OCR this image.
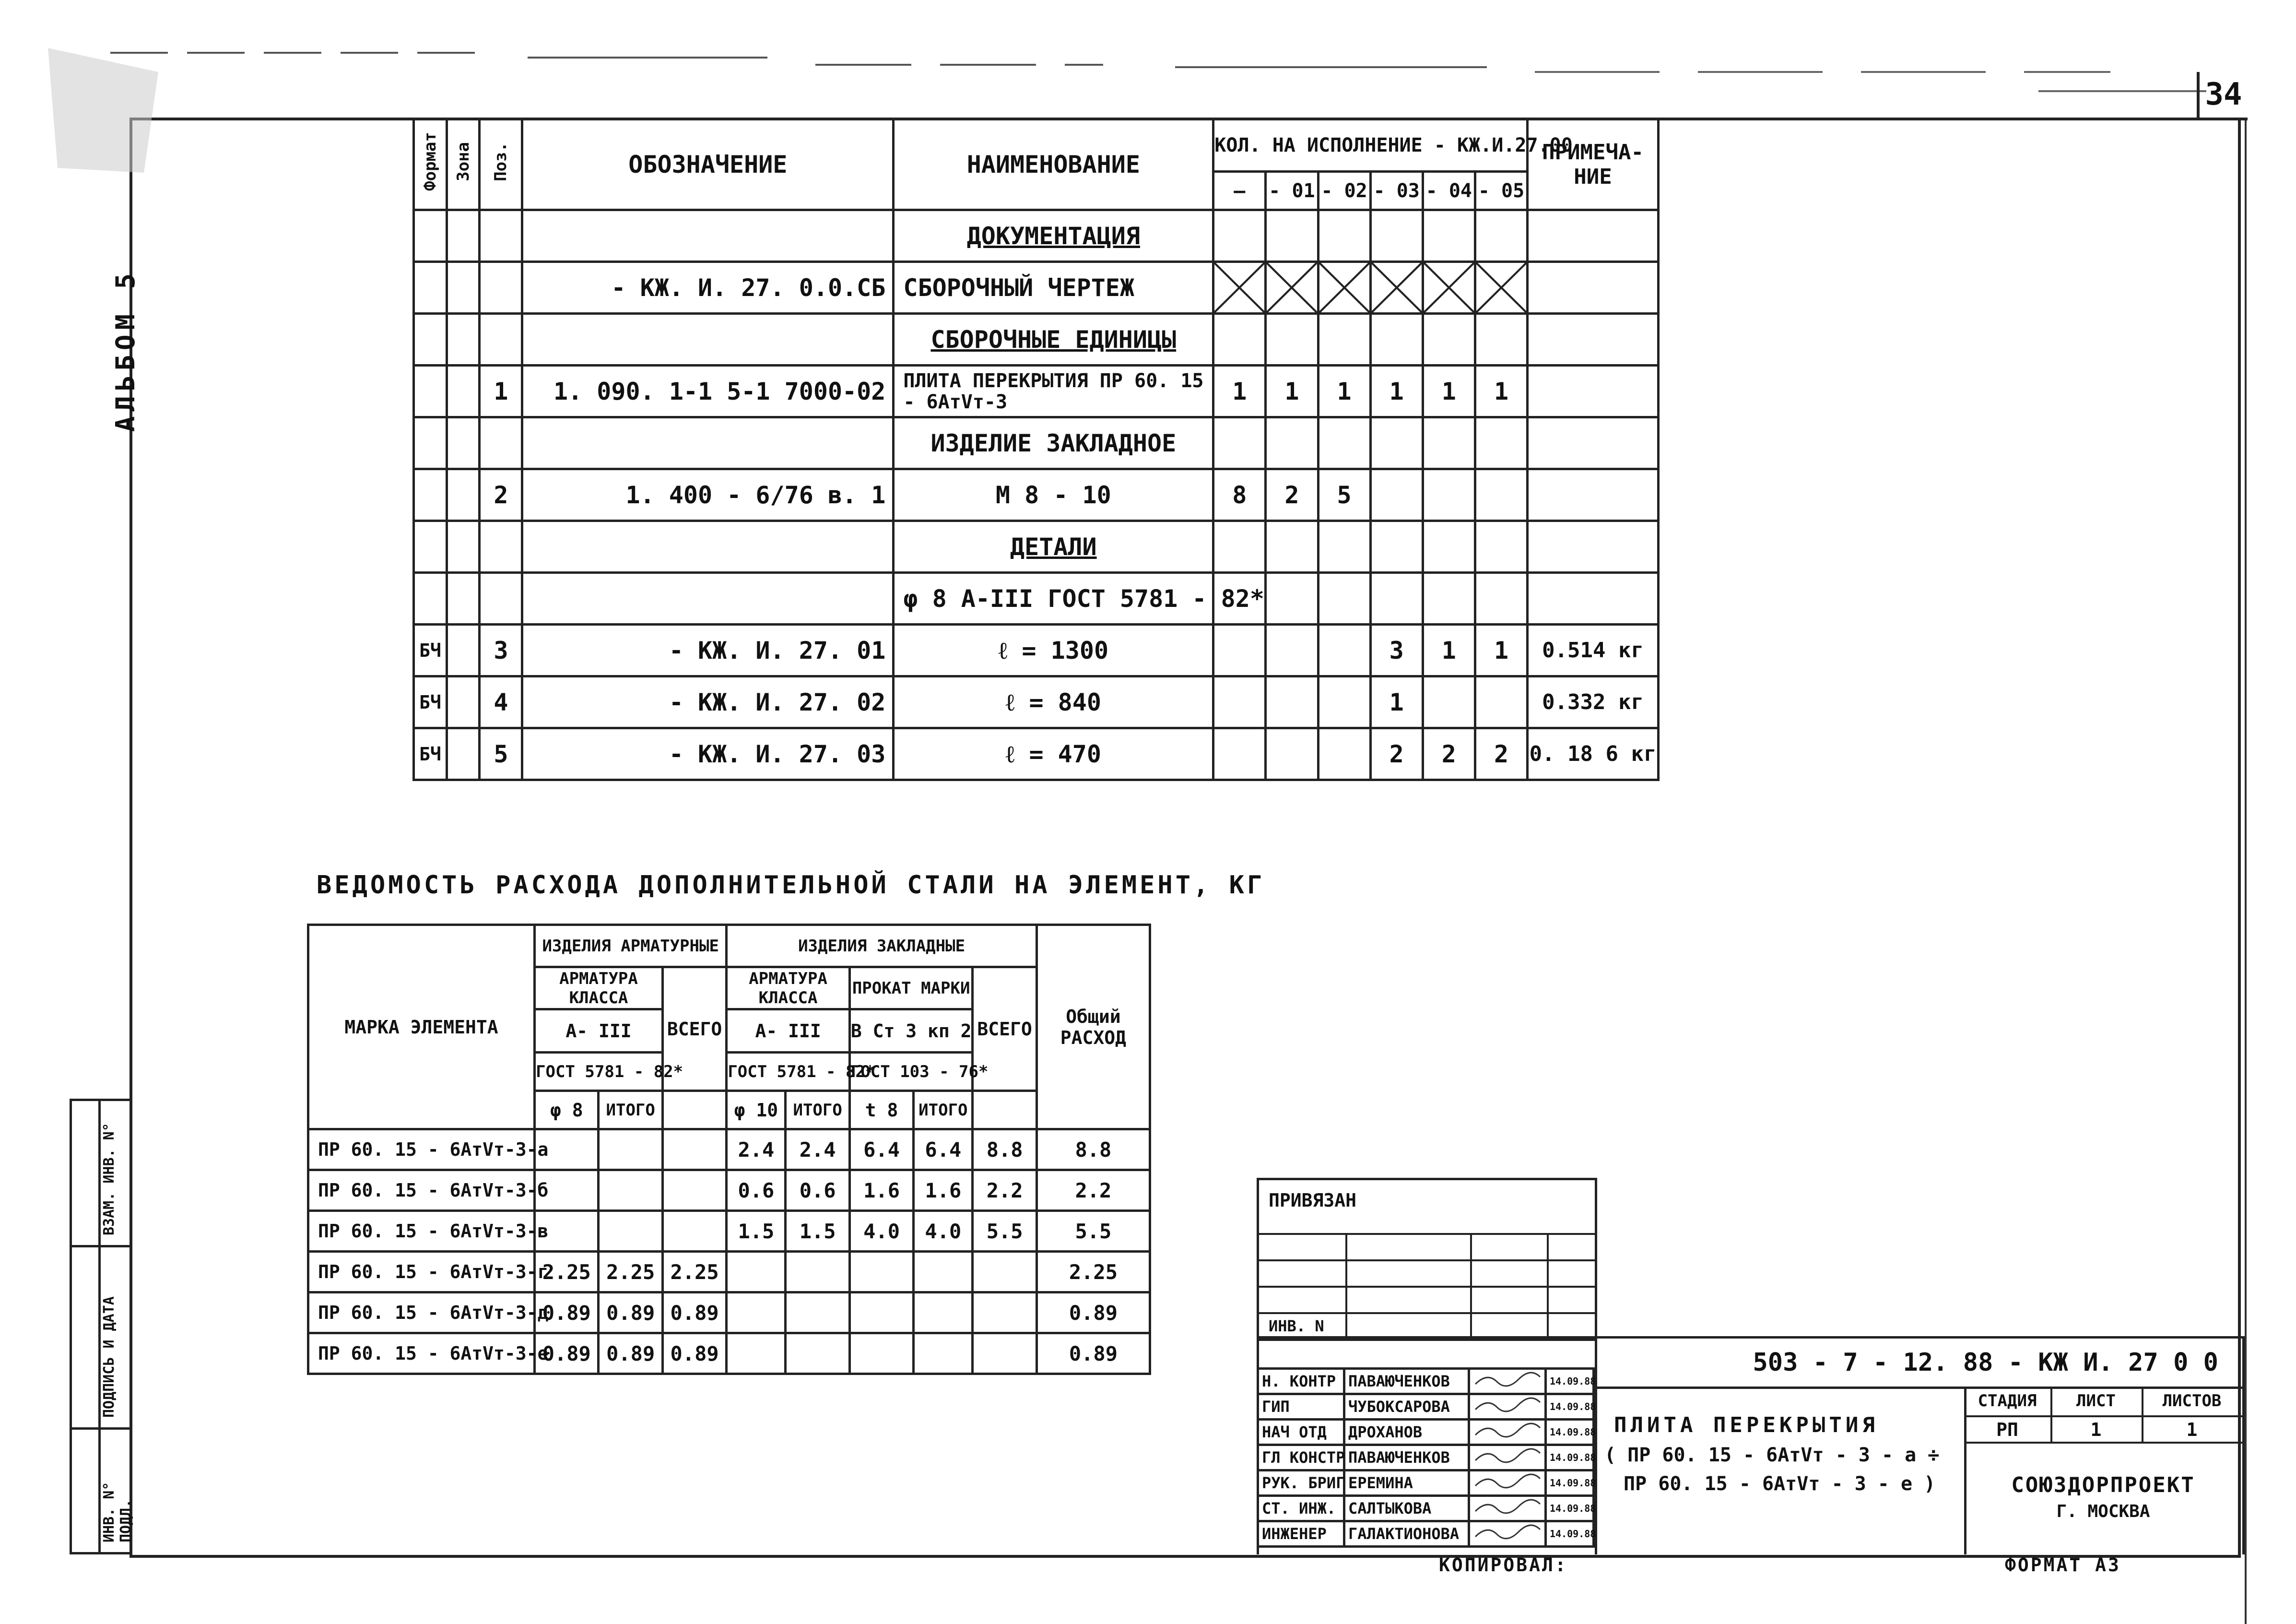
34
АЛЬБОМ 5
Формат	Зона	Поз.	ОБОЗНАЧЕНИЕ	НАИМЕНОВАНИЕ	КОЛ. НА ИСПОЛНЕНИЕ - КЖ.И.27.00						ПРИМЕЧА-НИЕ
					—	- 01	- 02	- 03	- 04	- 05	
				ДОКУМЕНТАЦИЯ							
			- КЖ. И. 27. 0.0.СБ	СБОРОЧНЫЙ ЧЕРТЕЖ	

				СБОРОЧНЫЕ ЕДИНИЦЫ							
		1	1. 090. 1-1 5-1 7000-02	ПЛИТА ПЕРЕКРЫТИЯ ПР 60. 15 - 6АтVт-3	1	1	1	1	1	1	
				ИЗДЕЛИЕ ЗАКЛАДНОЕ							
		2	1. 400 - 6/76 в. 1	М 8 - 10	8	2	5				
				ДЕТАЛИ							
				φ 8 А-III ГОСТ 5781 - 82*							
БЧ		3	- КЖ. И. 27. 01	ℓ = 1300				3	1	1	0.514 кг
БЧ		4	- КЖ. И. 27. 02	ℓ = 840				1			0.332 кг
БЧ		5	- КЖ. И. 27. 03	ℓ = 470				2	2	2	0. 18 6 кг
ВЕДОМОСТЬ РАСХОДА ДОПОЛНИТЕЛЬНОЙ СТАЛИ НА ЭЛЕМЕНТ, КГ
МАРКА ЭЛЕМЕНТА	ИЗДЕЛИЯ АРМАТУРНЫЕ			ИЗДЕЛИЯ ЗАКЛАДНЫЕ					Общий РАСХОД
	АРМАТУРА КЛАССА		ВСЕГО	АРМАТУРА КЛАССА		ПРОКАТ МАРКИ		ВСЕГО	
	А- III			А- III		В Ст 3 кп 2			
	ГОСТ 5781 - 82*			ГОСТ 5781 - 82*		ГОСТ 103 - 76*			
	φ 8	ИТОГО		φ 10	ИТОГО	t 8	ИТОГО		
ПР 60. 15 - 6АтVт-3-а				2.4	2.4	6.4	6.4	8.8	8.8
ПР 60. 15 - 6АтVт-3-б				0.6	0.6	1.6	1.6	2.2	2.2
ПР 60. 15 - 6АтVт-3-в				1.5	1.5	4.0	4.0	5.5	5.5
ПР 60. 15 - 6АтVт-3-г	2.25	2.25	2.25						2.25
ПР 60. 15 - 6АтVт-3-д	0.89	0.89	0.89						0.89
ПР 60. 15 - 6АтVт-3-е	0.89	0.89	0.89						0.89
ВЗАМ. ИНВ. N°
ПОДПИСЬ И ДАТА
ИНВ. N° ПОДЛ.
ПРИВЯЗАН
ИНВ. N
503 - 7 - 12. 88 - КЖ И. 27 0 0
СТАДИЯ	ЛИСТ	ЛИСТОВ
РП	1	1
СОЮЗДОРПРОЕКТ
Г. МОСКВА
ПЛИТА ПЕРЕКРЫТИЯ
( ПР 60. 15 - 6АтVт - 3 - а ÷
ПР 60. 15 - 6АтVт - 3 - е )
Н. КОНТР	ПАВАЮЧЕНКОВ		14.09.88
ГИП	ЧУБОКСАРОВА		14.09.88
НАЧ ОТД	ДРОХАНОВ		14.09.88
ГЛ КОНСТР	ПАВАЮЧЕНКОВ		14.09.88
РУК. БРИГ	ЕРЕМИНА		14.09.88
СТ. ИНЖ.	САЛТЫКОВА		14.09.88
ИНЖЕНЕР	ГАЛАКТИОНОВА		14.09.88
КОПИРОВАЛ:	ФОРМАТ А3
